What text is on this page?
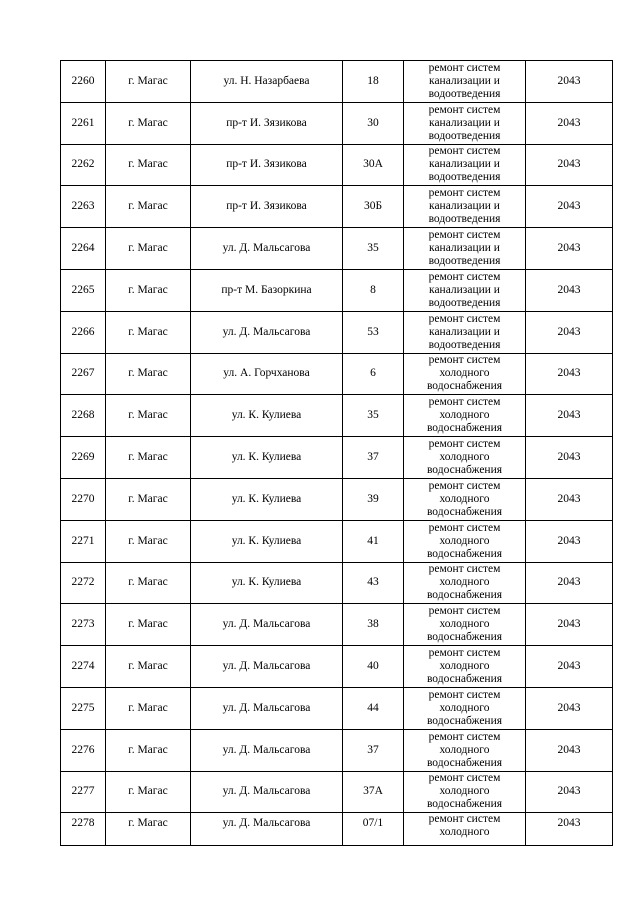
2260	г. Магас	ул. Н. Назарбаева	18	ремонт систем канализации и водоотведения	2043
2261	г. Магас	пр-т И. Зязикова	30	ремонт систем канализации и водоотведения	2043
2262	г. Магас	пр-т И. Зязикова	30А	ремонт систем канализации и водоотведения	2043
2263	г. Магас	пр-т И. Зязикова	30Б	ремонт систем канализации и водоотведения	2043
2264	г. Магас	ул. Д. Мальсагова	35	ремонт систем канализации и водоотведения	2043
2265	г. Магас	пр-т М. Базоркина	8	ремонт систем канализации и водоотведения	2043
2266	г. Магас	ул. Д. Мальсагова	53	ремонт систем канализации и водоотведения	2043
2267	г. Магас	ул. А. Горчханова	6	ремонт систем холодного водоснабжения	2043
2268	г. Магас	ул. К. Кулиева	35	ремонт систем холодного водоснабжения	2043
2269	г. Магас	ул. К. Кулиева	37	ремонт систем холодного водоснабжения	2043
2270	г. Магас	ул. К. Кулиева	39	ремонт систем холодного водоснабжения	2043
2271	г. Магас	ул. К. Кулиева	41	ремонт систем холодного водоснабжения	2043
2272	г. Магас	ул. К. Кулиева	43	ремонт систем холодного водоснабжения	2043
2273	г. Магас	ул. Д. Мальсагова	38	ремонт систем холодного водоснабжения	2043
2274	г. Магас	ул. Д. Мальсагова	40	ремонт систем холодного водоснабжения	2043
2275	г. Магас	ул. Д. Мальсагова	44	ремонт систем холодного водоснабжения	2043
2276	г. Магас	ул. Д. Мальсагова	37	ремонт систем холодного водоснабжения	2043
2277	г. Магас	ул. Д. Мальсагова	37А	ремонт систем холодного водоснабжения	2043
2278	г. Магас	ул. Д. Мальсагова	07/1	ремонт систем холодного	2043
